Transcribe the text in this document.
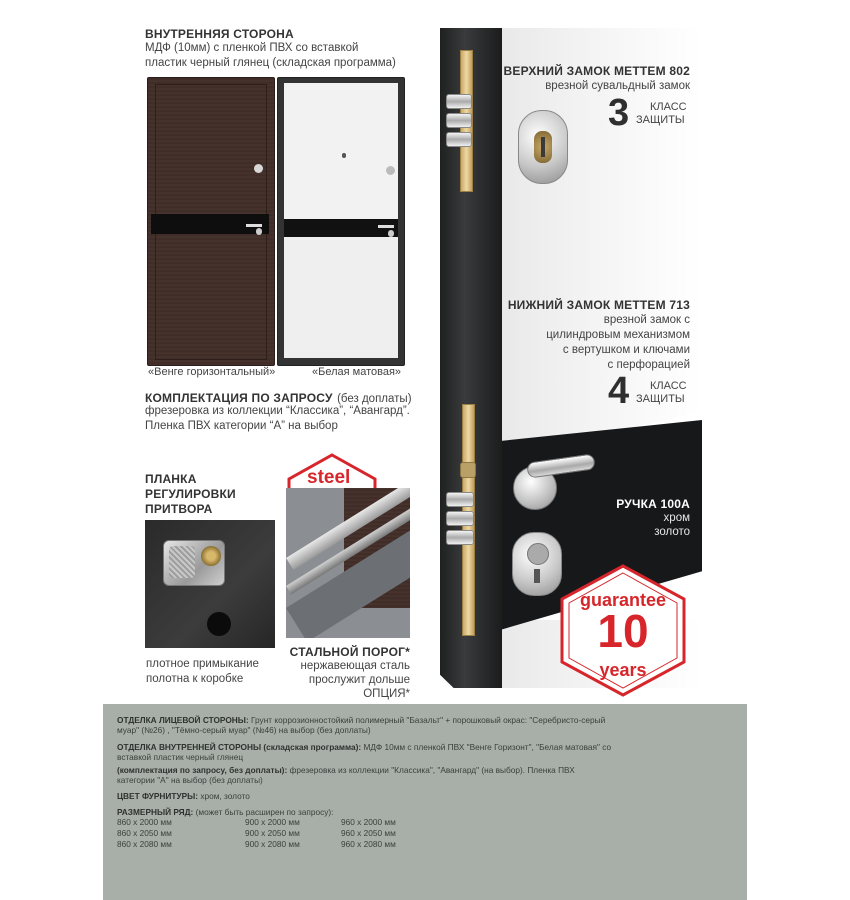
ВНУТРЕННЯЯ СТОРОНА
МДФ (10мм) с пленкой ПВХ со вставкой
пластик черный глянец (складская программа)
«Венге горизонтальный»	«Белая матовая»
КОМПЛЕКТАЦИЯ ПО ЗАПРОСУ (без доплаты)
фрезеровка из коллекции “Классика”, “Авангард”.
Пленка ПВХ категории “А” на выбор
ПЛАНКА
РЕГУЛИРОВКИ
ПРИТВОРА
плотное примыкание
полотна к коробке
steel
СТАЛЬНОЙ ПОРОГ*
нержавеющая сталь
прослужит дольше
ОПЦИЯ*
ВЕРХНИЙ ЗАМОК METTEM 802
врезной сувальдный замок
3	КЛАСС
ЗАЩИТЫ
НИЖНИЙ ЗАМОК METTEM 713
врезной замок с
цилиндровым механизмом
с вертушком и ключами
с перфорацией
4	КЛАСС
ЗАЩИТЫ
РУЧКА 100А
хром
золото
guarantee
10
years
ОТДЕЛКА ЛИЦЕВОЙ СТОРОНЫ: Грунт коррозионностойкий полимерный "Базальт" + порошковый окрас: "Серебристо-серый
муар" (№26) , "Тёмно-серый муар" (№46) на выбор (без доплаты)
ОТДЕЛКА ВНУТРЕННЕЙ СТОРОНЫ (складская программа): МДФ 10мм с пленкой ПВХ "Венге Горизонт", "Белая матовая" со
вставкой пластик черный глянец
(комплектация по запросу, без доплаты): фрезеровка из коллекции "Классика", "Авангард" (на выбор). Пленка ПВХ
категории "А" на выбор (без доплаты)
ЦВЕТ ФУРНИТУРЫ: хром, золото
РАЗМЕРНЫЙ РЯД: (может быть расширен по запросу):
860 х 2000 мм	900 х 2000 мм	960 х 2000 мм
860 х 2050 мм	900 х 2050 мм	960 х 2050 мм
860 х 2080 мм	900 х 2080 мм	960 х 2080 мм
